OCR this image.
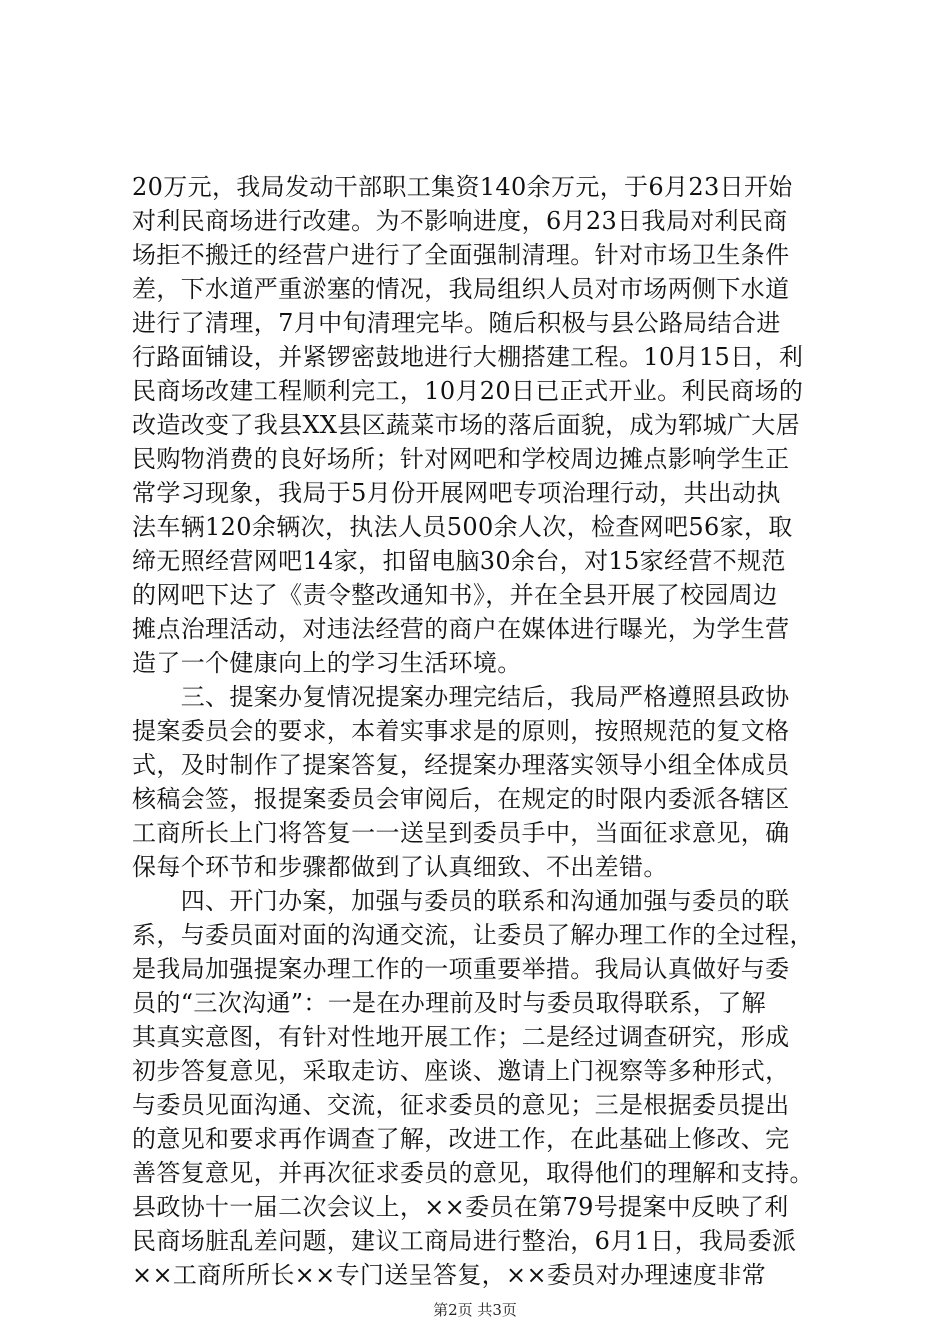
20万元，我局发动干部职工集资140余万元，于6月23日开始
对利民商场进行改建。为不影响进度，6月23日我局对利民商
场拒不搬迁的经营户进行了全面强制清理。针对市场卫生条件
差，下水道严重淤塞的情况，我局组织人员对市场两侧下水道
进行了清理，7月中旬清理完毕。随后积极与县公路局结合进
行路面铺设，并紧锣密鼓地进行大棚搭建工程。10月15日，利
民商场改建工程顺利完工，10月20日已正式开业。利民商场的
改造改变了我县XX县区蔬菜市场的落后面貌，成为郓城广大居
民购物消费的良好场所；针对网吧和学校周边摊点影响学生正
常学习现象，我局于5月份开展网吧专项治理行动，共出动执
法车辆120余辆次，执法人员500余人次，检查网吧56家，取
缔无照经营网吧14家，扣留电脑30余台，对15家经营不规范
的网吧下达了《责令整改通知书》，并在全县开展了校园周边
摊点治理活动，对违法经营的商户在媒体进行曝光，为学生营
造了一个健康向上的学习生活环境。
　　三、提案办复情况提案办理完结后，我局严格遵照县政协
提案委员会的要求，本着实事求是的原则，按照规范的复文格
式，及时制作了提案答复，经提案办理落实领导小组全体成员
核稿会签，报提案委员会审阅后，在规定的时限内委派各辖区
工商所长上门将答复一一送呈到委员手中，当面征求意见，确
保每个环节和步骤都做到了认真细致、不出差错。
　　四、开门办案，加强与委员的联系和沟通加强与委员的联
系，与委员面对面的沟通交流，让委员了解办理工作的全过程，
是我局加强提案办理工作的一项重要举措。我局认真做好与委
员的“三次沟通”：一是在办理前及时与委员取得联系，了解
其真实意图，有针对性地开展工作；二是经过调查研究，形成
初步答复意见，采取走访、座谈、邀请上门视察等多种形式，
与委员见面沟通、交流，征求委员的意见；三是根据委员提出
的意见和要求再作调查了解，改进工作，在此基础上修改、完
善答复意见，并再次征求委员的意见，取得他们的理解和支持。
县政协十一届二次会议上，××委员在第79号提案中反映了利
民商场脏乱差问题，建议工商局进行整治，6月1日，我局委派
××工商所所长××专门送呈答复，××委员对办理速度非常
第2页 共3页
